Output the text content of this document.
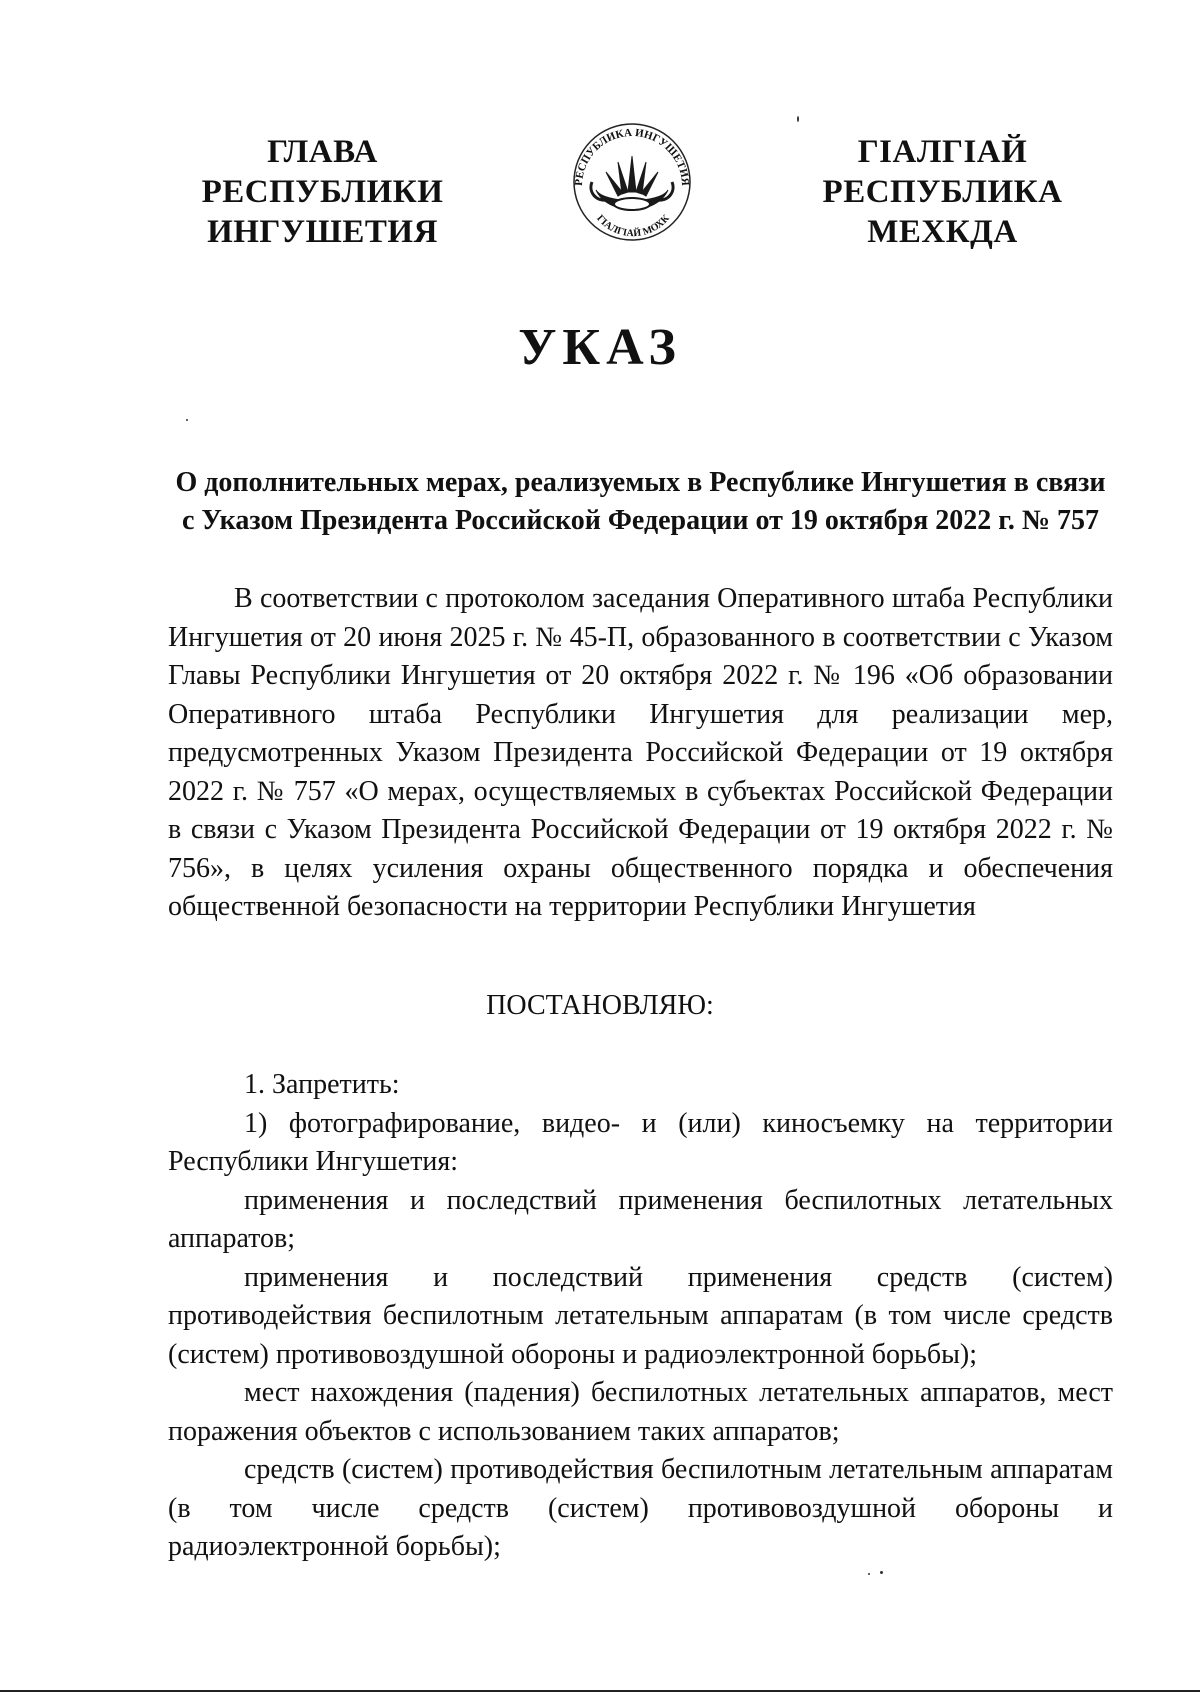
ГЛАВА
РЕСПУБЛИКИ
ИНГУШЕТИЯ
РЕСПУБЛИКА ИНГУШЕТИЯ
ГIАЛГIАЙ МОХК
ГIАЛГIАЙ
РЕСПУБЛИКА
МЕХКДА
УКАЗ
О дополнительных мерах, реализуемых в Республике Ингушетия в связи
с Указом Президента Российской Федерации от 19 октября 2022 г. № 757
В соответствии с протоколом заседания Оперативного штаба Республики Ингушетия от 20 июня 2025 г. № 45-П, образованного в соответствии с Указом Главы Республики Ингушетия от 20 октября 2022 г. № 196 «Об образовании Оперативного штаба Республики Ингушетия для реализации мер, предусмотренных Указом Президента Российской Федерации от 19 октября 2022 г. № 757 «О мерах, осуществляемых в субъектах Российской Федерации в связи с Указом Президента Российской Федерации от 19 октября 2022 г. № 756», в целях усиления охраны общественного порядка и обеспечения общественной безопасности на территории Республики Ингушетия
ПОСТАНОВЛЯЮ:

1. Запретить:

1) фотографирование, видео- и (или) киносъемку на территории Республики Ингушетия:

применения и последствий применения беспилотных летательных аппаратов;

применения и последствий применения средств (систем) противодействия беспилотным летательным аппаратам (в том числе средств (систем) противовоздушной обороны и радиоэлектронной борьбы);

мест нахождения (падения) беспилотных летательных аппаратов, мест поражения объектов с использованием таких аппаратов;

средств (систем) противодействия беспилотным летательным аппаратам (в том числе средств (систем) противовоздушной обороны и радиоэлектронной борьбы);
